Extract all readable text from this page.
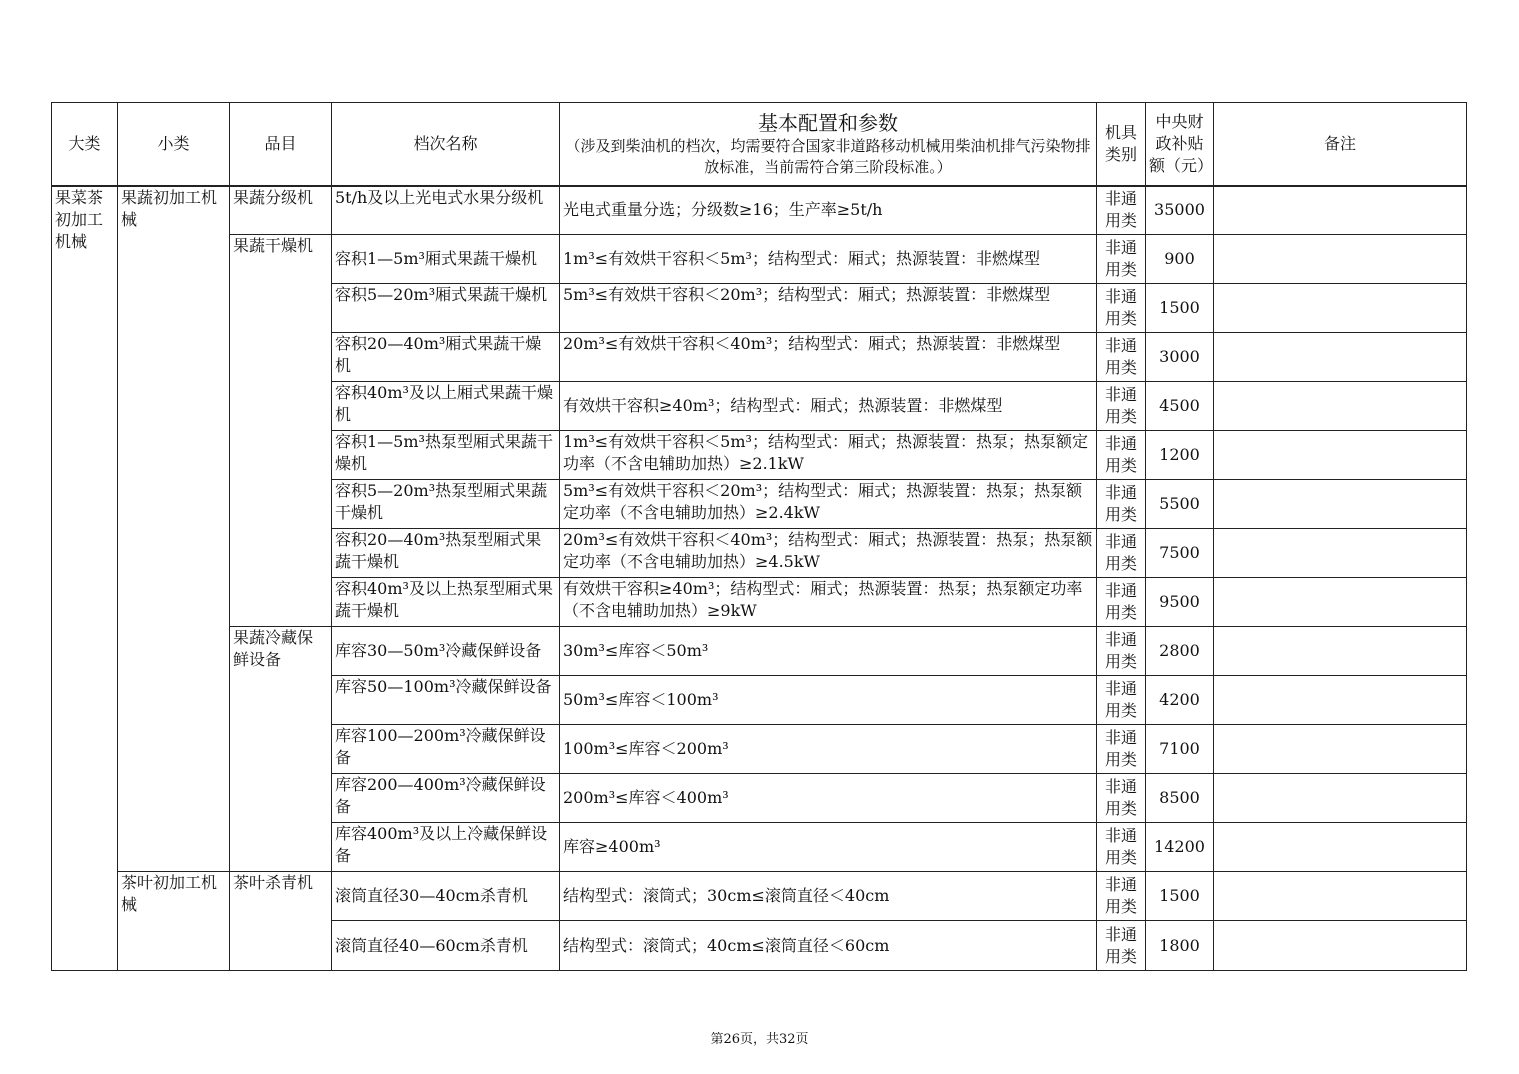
大类	小类	品目	档次名称	基本配置和参数
（涉及到柴油机的档次，均需要符合国家非道路移动机械用柴油机排气污染物排放标准，当前需符合第三阶段标准。）	机具类别	中央财政补贴额（元）	备注
果菜茶初加工机械	果蔬初加工机械	果蔬分级机	5t/h及以上光电式水果分级机	光电式重量分选；分级数≥16；生产率≥5t/h	非通用类	35000	
		果蔬干燥机	容积1—5m³厢式果蔬干燥机	1m³≤有效烘干容积＜5m³；结构型式：厢式；热源装置：非燃煤型	非通用类	900	
			容积5—20m³厢式果蔬干燥机	5m³≤有效烘干容积＜20m³；结构型式：厢式；热源装置：非燃煤型	非通用类	1500	
			容积20—40m³厢式果蔬干燥机	20m³≤有效烘干容积＜40m³；结构型式：厢式；热源装置：非燃煤型	非通用类	3000	
			容积40m³及以上厢式果蔬干燥机	有效烘干容积≥40m³；结构型式：厢式；热源装置：非燃煤型	非通用类	4500	
			容积1—5m³热泵型厢式果蔬干燥机	1m³≤有效烘干容积＜5m³；结构型式：厢式；热源装置：热泵；热泵额定功率（不含电辅助加热）≥2.1kW	非通用类	1200	
			容积5—20m³热泵型厢式果蔬干燥机	5m³≤有效烘干容积＜20m³；结构型式：厢式；热源装置：热泵；热泵额定功率（不含电辅助加热）≥2.4kW	非通用类	5500	
			容积20—40m³热泵型厢式果蔬干燥机	20m³≤有效烘干容积＜40m³；结构型式：厢式；热源装置：热泵；热泵额定功率（不含电辅助加热）≥4.5kW	非通用类	7500	
			容积40m³及以上热泵型厢式果蔬干燥机	有效烘干容积≥40m³；结构型式：厢式；热源装置：热泵；热泵额定功率（不含电辅助加热）≥9kW	非通用类	9500	
		果蔬冷藏保鲜设备	库容30—50m³冷藏保鲜设备	30m³≤库容＜50m³	非通用类	2800	
			库容50—100m³冷藏保鲜设备	50m³≤库容＜100m³	非通用类	4200	
			库容100—200m³冷藏保鲜设备	100m³≤库容＜200m³	非通用类	7100	
			库容200—400m³冷藏保鲜设备	200m³≤库容＜400m³	非通用类	8500	
			库容400m³及以上冷藏保鲜设备	库容≥400m³	非通用类	14200	
	茶叶初加工机械	茶叶杀青机	滚筒直径30—40cm杀青机	结构型式：滚筒式；30cm≤滚筒直径＜40cm	非通用类	1500	
			滚筒直径40—60cm杀青机	结构型式：滚筒式；40cm≤滚筒直径＜60cm	非通用类	1800	
第26页，共32页
